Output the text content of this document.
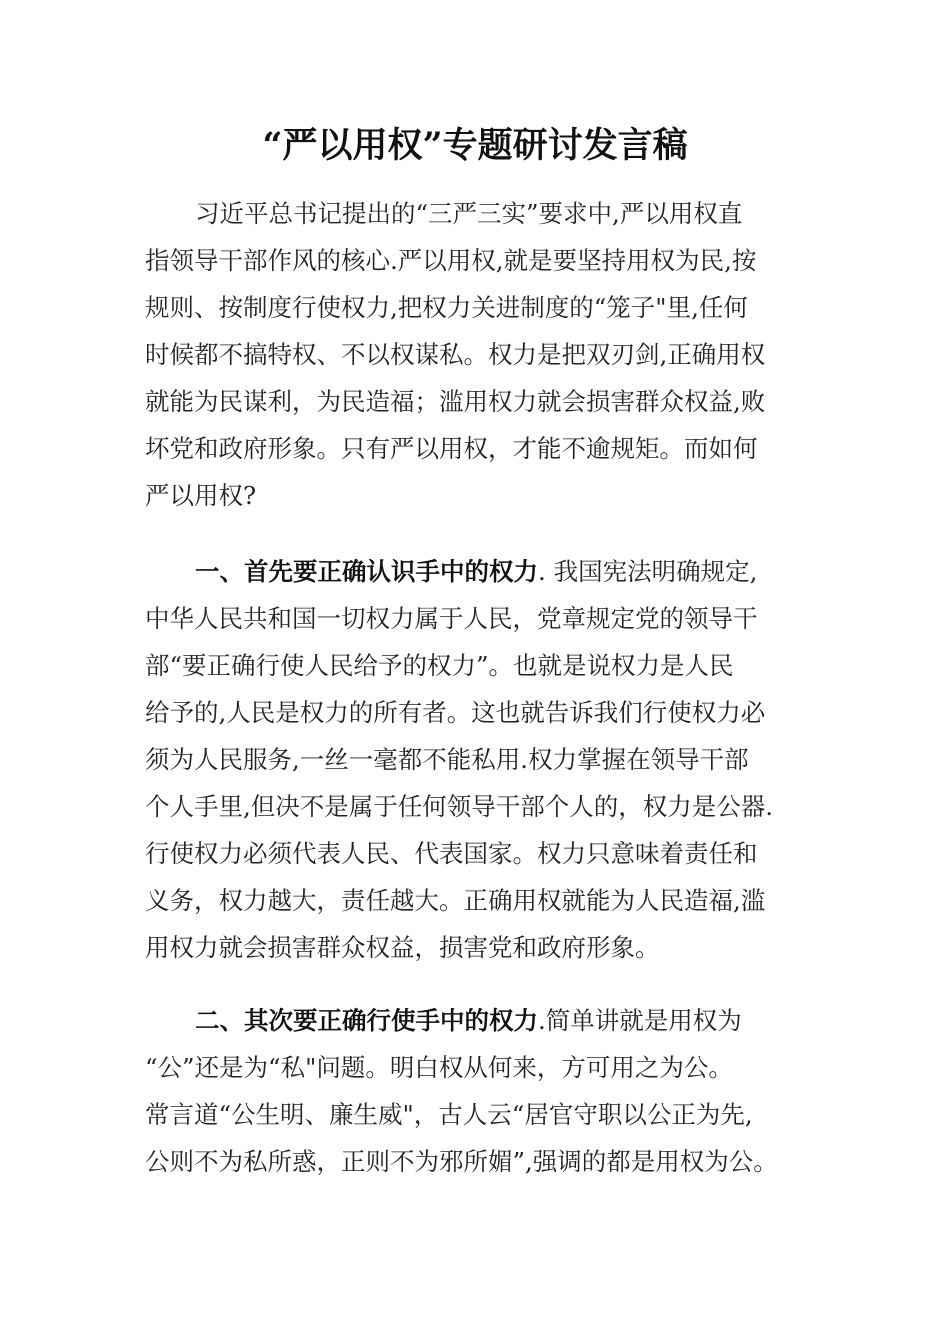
“严以用权”专题研讨发言稿
习近平总书记提出的“三严三实”要求中,严以用权直
指领导干部作风的核心.严以用权,就是要坚持用权为民,按
规则、按制度行使权力,把权力关进制度的“笼子"里,任何
时候都不搞特权、不以权谋私。权力是把双刃剑,正确用权
就能为民谋利，为民造福；滥用权力就会损害群众权益,败
坏党和政府形象。只有严以用权，才能不逾规矩。而如何
严以用权?
一、首先要正确认识手中的权力. 我国宪法明确规定,
中华人民共和国一切权力属于人民，党章规定党的领导干
部“要正确行使人民给予的权力”。也就是说权力是人民
给予的,人民是权力的所有者。这也就告诉我们行使权力必
须为人民服务,一丝一毫都不能私用.权力掌握在领导干部
个人手里,但决不是属于任何领导干部个人的，权力是公器.
行使权力必须代表人民、代表国家。权力只意味着责任和
义务，权力越大，责任越大。正确用权就能为人民造福,滥
用权力就会损害群众权益，损害党和政府形象。
二、其次要正确行使手中的权力.简单讲就是用权为
“公”还是为“私"问题。明白权从何来，方可用之为公。
常言道“公生明、廉生威"，古人云“居官守职以公正为先,
公则不为私所惑，正则不为邪所媚”,强调的都是用权为公。
